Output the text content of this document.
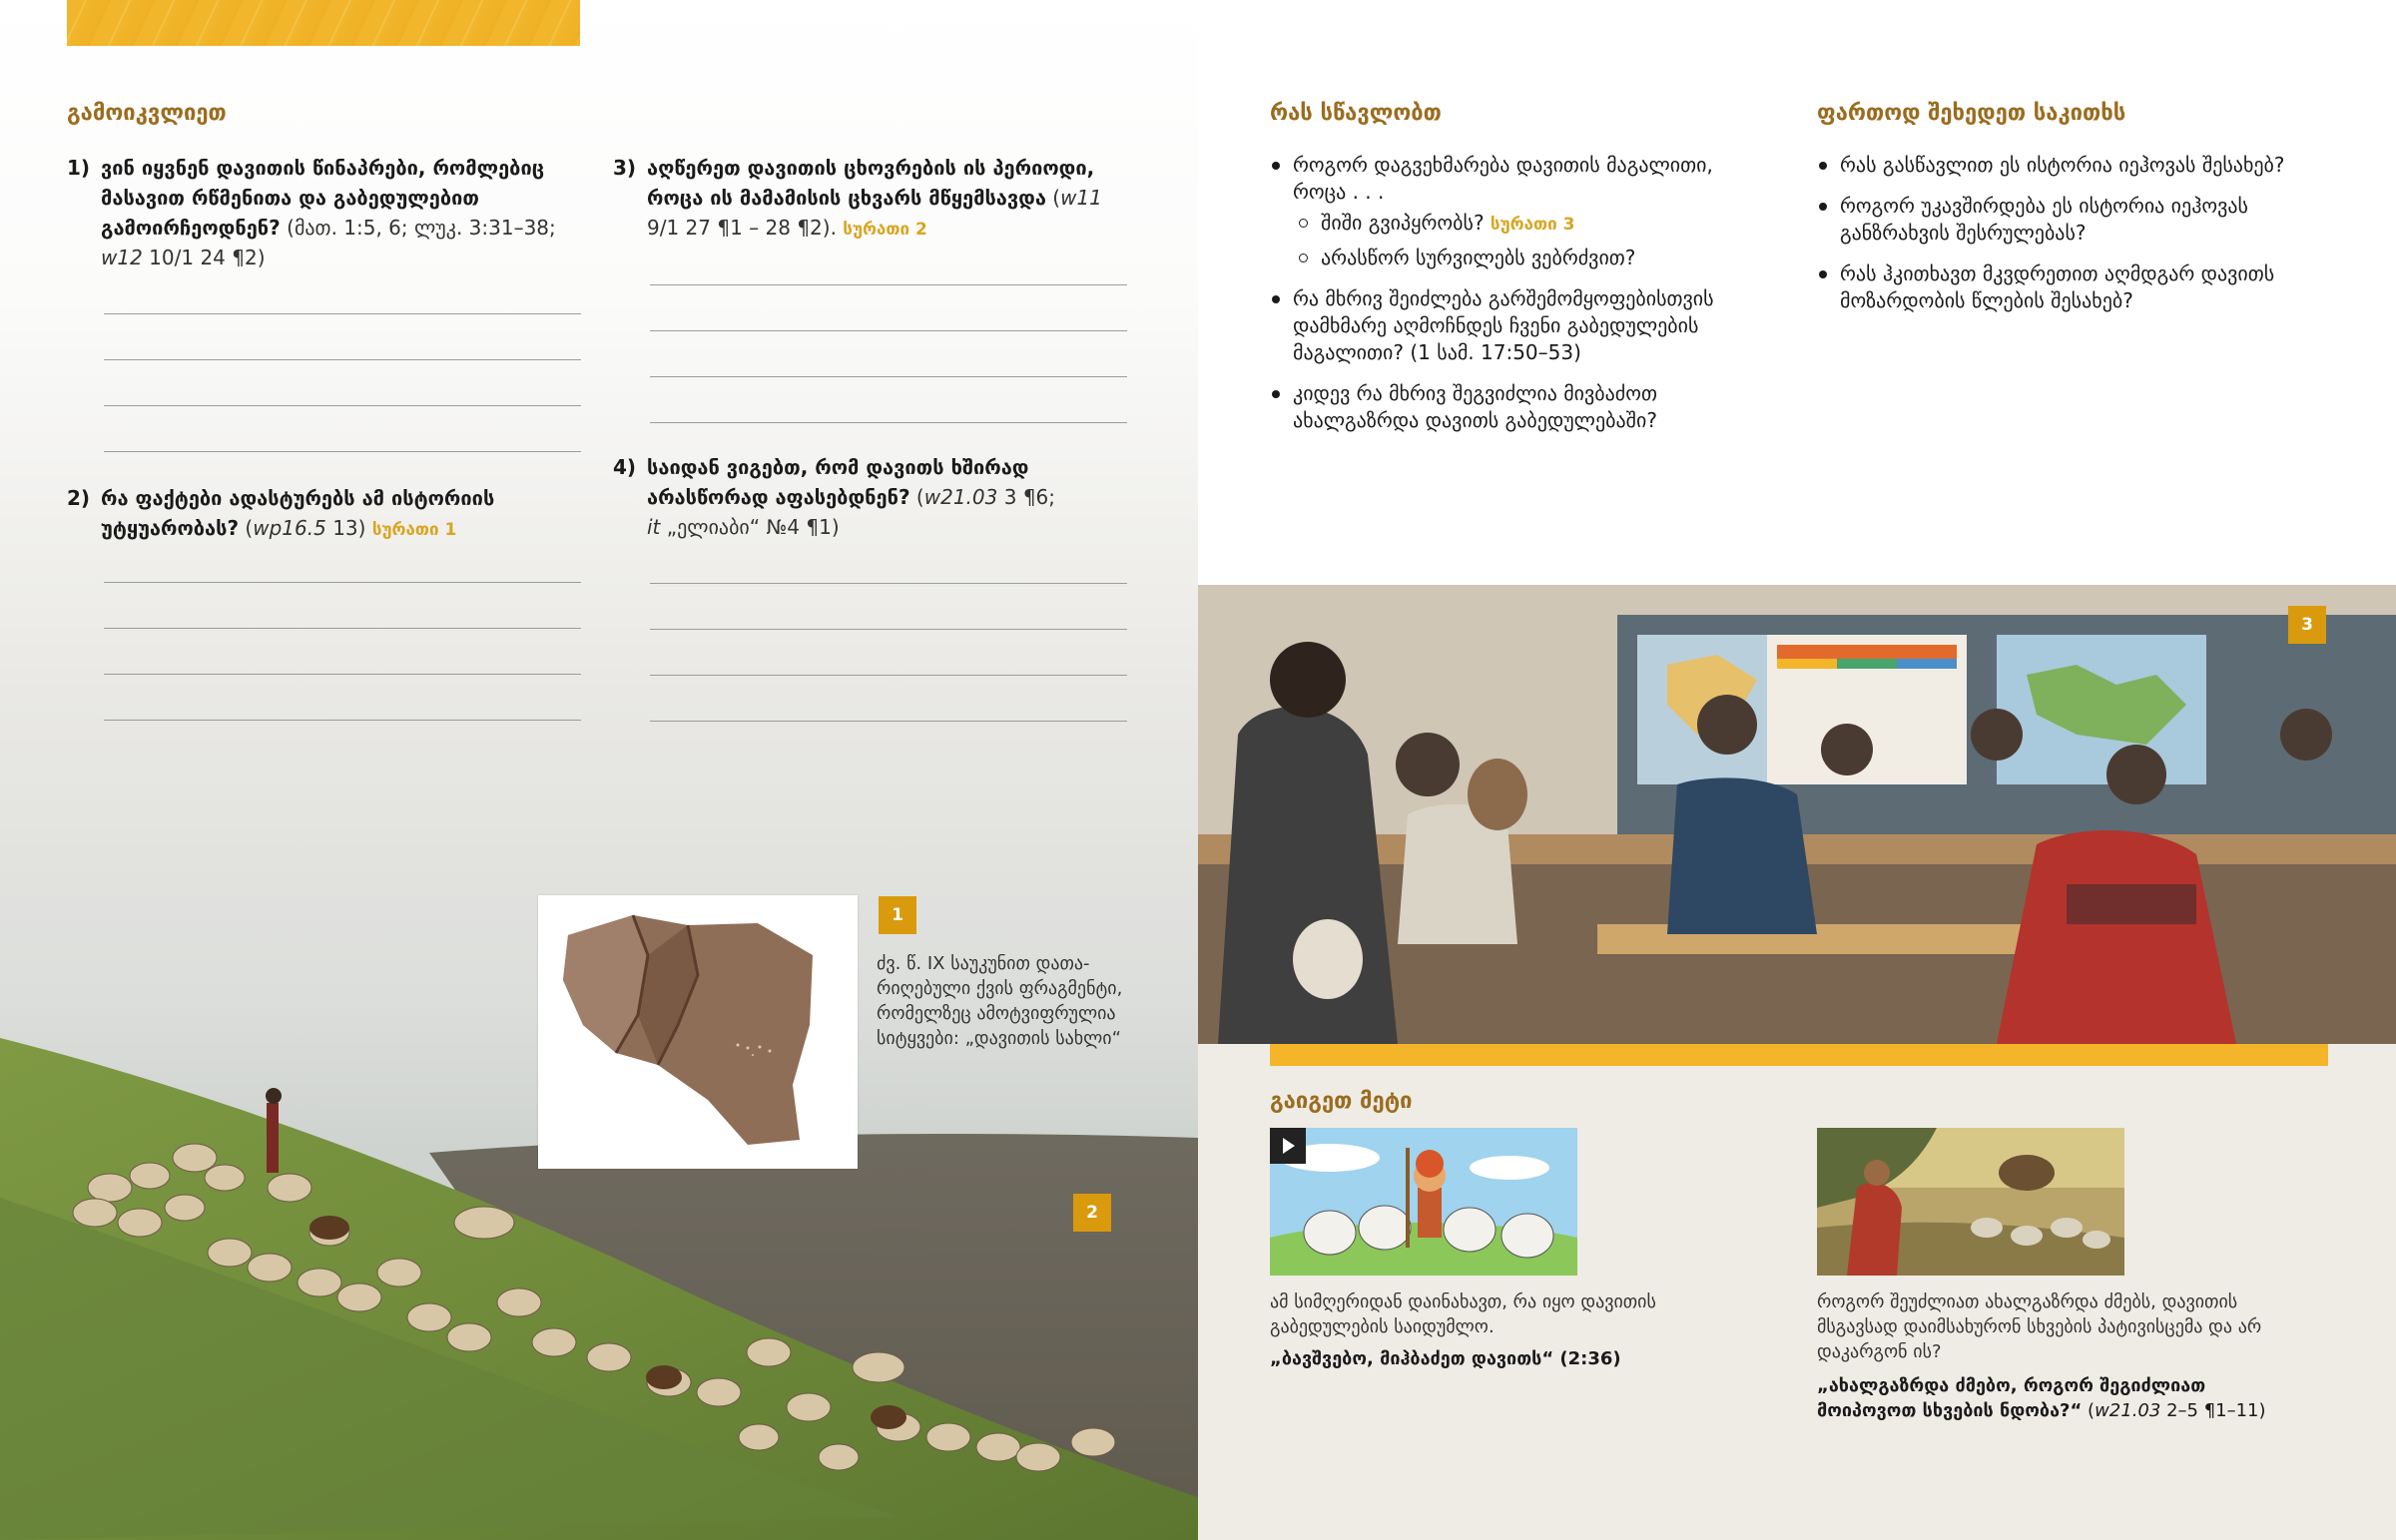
გამოიკვლიეთ
1) ვინ იყვნენ დავითის წინაპრები, რომლებიც მასავით რწმენითა და გაბედულებით გამოირჩეოდნენ? (მათ. 1:5, 6; ლუკ. 3:31–38; w12 10/1 24 ¶2)
2) რა ფაქტები ადასტურებს ამ ისტორიის უტყუარობას? (wp16.5 13) სურათი 1
3) აღწერეთ დავითის ცხოვრების ის პერიოდი, როცა ის მამამისის ცხვარს მწყემსავდა (w11 9/1 27 ¶1 – 28 ¶2). სურათი 2
4) საიდან ვიგებთ, რომ დავითს ხშირად არასწორად აფასებდნენ? (w21.03 3 ¶6;
it „ელიაბი“ №4 ¶1)
1
ძვ. წ. IX საუკუნით დათა-რიღებული ქვის ფრაგმენტი, რომელზეც ამოტვიფრულია სიტყვები: „დავითის სახლი“
2
რას სწავლობთ
როგორ დაგვეხმარება დავითის მაგალითი, როცა . . .
შიში გვიპყრობს? სურათი 3
არასწორ სურვილებს ვებრძვით?
რა მხრივ შეიძლება გარშემომყოფებისთვის დამხმარე აღმოჩნდეს ჩვენი გაბედულების მაგალითი? (1 სამ. 17:50–53)
კიდევ რა მხრივ შეგვიძლია მივბაძოთ ახალგაზრდა დავითს გაბედულებაში?
ფართოდ შეხედეთ საკითხს
რას გასწავლით ეს ისტორია იეჰოვას შესახებ?
როგორ უკავშირდება ეს ისტორია იეჰოვას განზრახვის შესრულებას?
რას ჰკითხავთ მკვდრეთით აღმდგარ დავითს მოზარდობის წლების შესახებ?
3
გაიგეთ მეტი
ამ სიმღერიდან დაინახავთ, რა იყო დავითის გაბედულების საიდუმლო.
„ბავშვებო, მიჰბაძეთ დავითს“ (2:36)
როგორ შეუძლიათ ახალგაზრდა ძმებს, დავითის მსგავსად დაიმსახურონ სხვების პატივისცემა და არ დაკარგონ ის?
„ახალგაზრდა ძმებო, როგორ შეგიძლიათ მოიპოვოთ სხვების ნდობა?“ (w21.03 2–5 ¶1–11)
